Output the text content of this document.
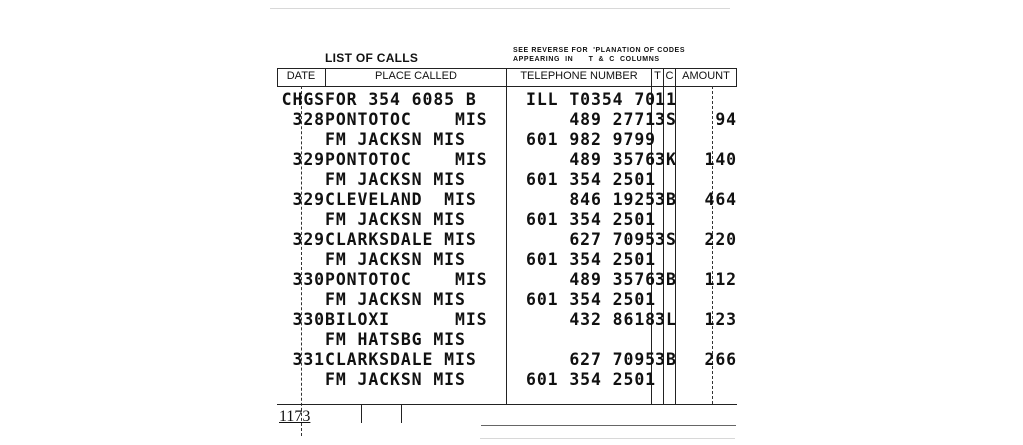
LIST OF CALLS
SEE REVERSE FOR  'PLANATION OF CODES
APPEARING  IN      T  &  C  COLUMNS
DATE	PLACE CALLED	TELEPHONE NUMBER	T C AMOUNT
CHGS FOR 354 6085 B	ILL T0354 70 1 1
328 PONTOTOC    MIS	489 2771 3 S	94
FM JACKSN MIS	601 982 9799
329 PONTOTOC    MIS	489 3576 3 K	140
FM JACKSN MIS	601 354 2501
329 CLEVELAND  MIS	846 1925 3 B	464
FM JACKSN MIS	601 354 2501
329 CLARKSDALE MIS	627 7095 3 S	220
FM JACKSN MIS	601 354 2501
330 PONTOTOC    MIS	489 3576 3 B	112
FM JACKSN MIS	601 354 2501
330 BILOXI      MIS	432 8618 3 L	123
FM HATSBG MIS
331 CLARKSDALE MIS	627 7095 3 B	266
FM JACKSN MIS	601 354 2501
1173
